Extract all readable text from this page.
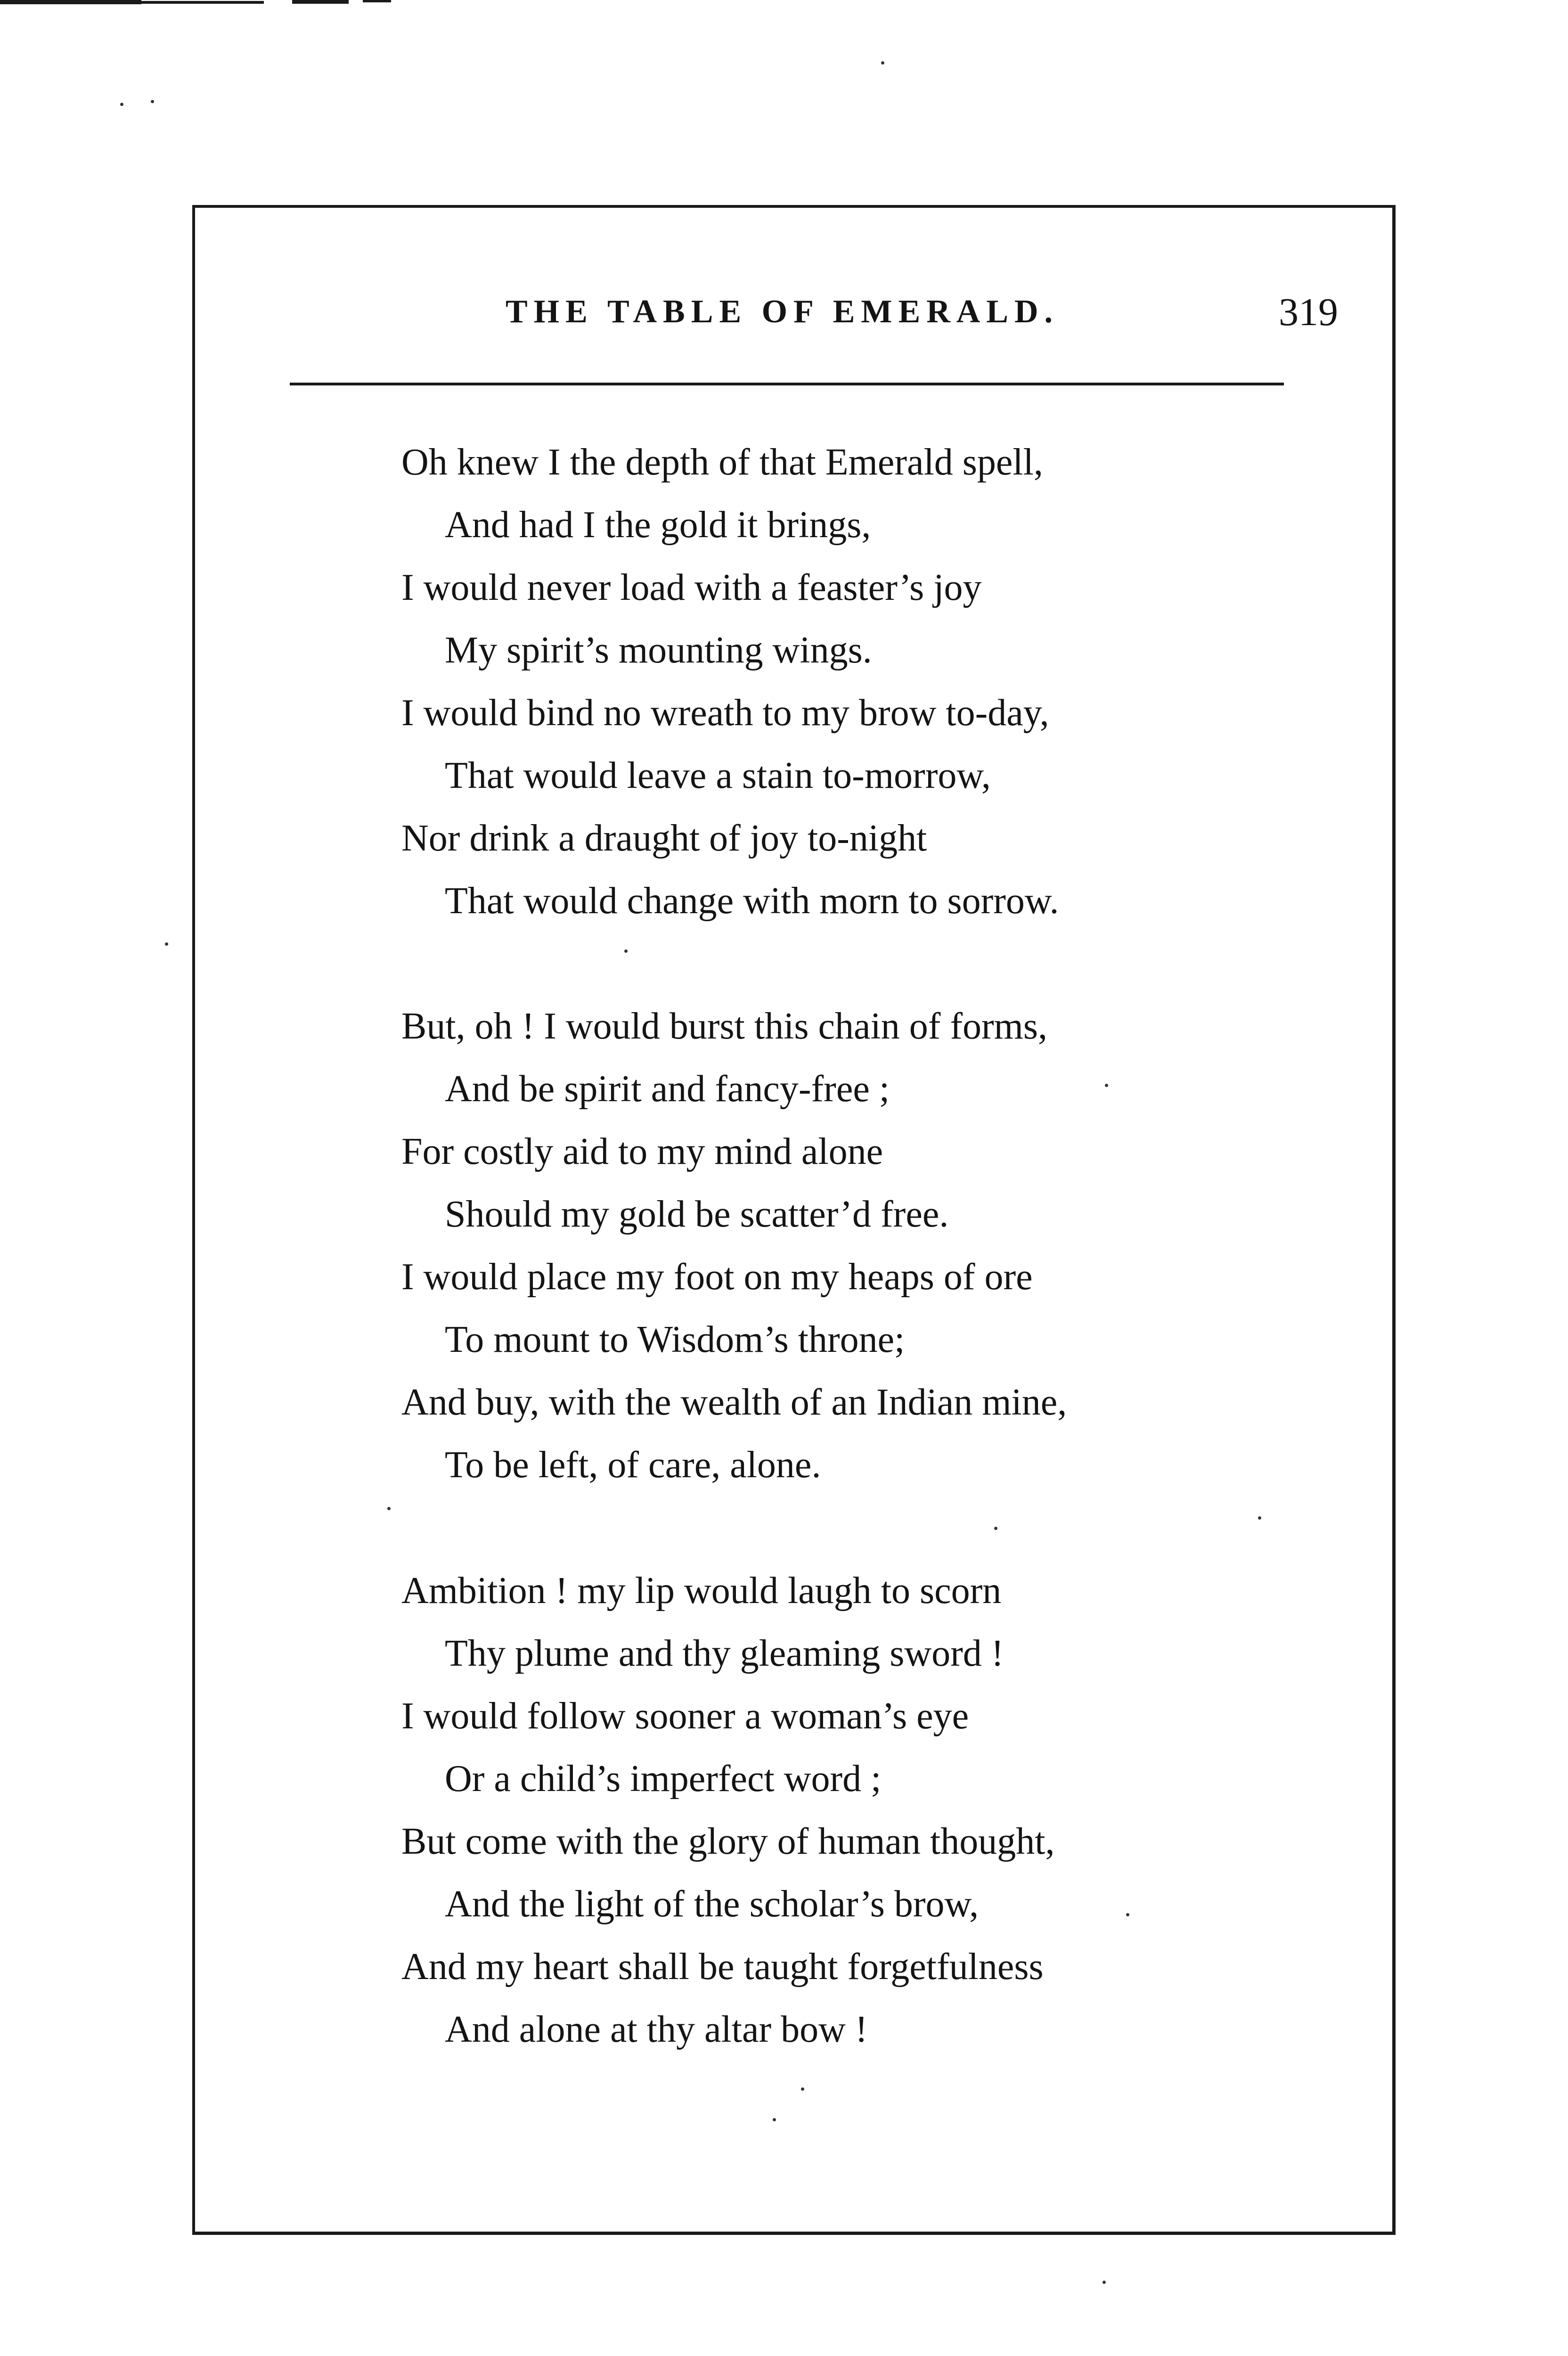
THE TABLE OF EMERALD.	319
Oh knew I the depth of that Emerald spell,
And had I the gold it brings,
I would never load with a feaster’s joy
My spirit’s mounting wings.
I would bind no wreath to my brow to-day,
That would leave a stain to-morrow,
Nor drink a draught of joy to-night
That would change with morn to sorrow.
But, oh ! I would burst this chain of forms,
And be spirit and fancy-free ;
For costly aid to my mind alone
Should my gold be scatter’d free.
I would place my foot on my heaps of ore
To mount to Wisdom’s throne;
And buy, with the wealth of an Indian mine,
To be left, of care, alone.
Ambition ! my lip would laugh to scorn
Thy plume and thy gleaming sword !
I would follow sooner a woman’s eye
Or a child’s imperfect word ;
But come with the glory of human thought,
And the light of the scholar’s brow,
And my heart shall be taught forgetfulness
And alone at thy altar bow !
